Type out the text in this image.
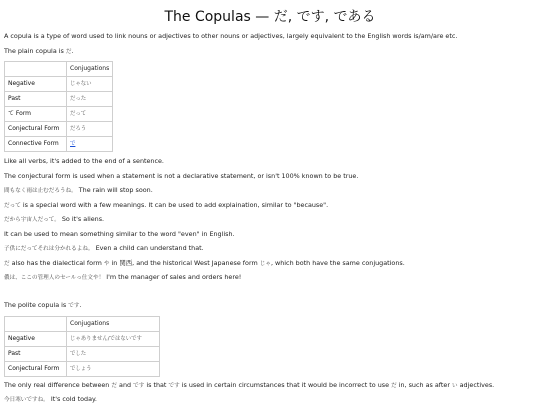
The Copulas — だ, です, である
A copula is a type of word used to link nouns or adjectives to other nouns or adjectives, largely equivalent to the English words is/am/are etc.
The plain copula is だ.
	Conjugations
Negative	じゃない
Past	だった
て Form	だって
Conjectural Form	だろう
Connective Form	で
Like all verbs, it's added to the end of a sentence.
The conjectural form is used when a statement is not a declarative statement, or isn't 100% known to be true.
間もなく雨は止むだろうね。 The rain will stop soon.
だって is a special word with a few meanings. It can be used to add explaination, similar to "because".
だから宇宙人だって。 So it's aliens.
It can be used to mean something similar to the word "even" in English.
子供にだってそれは分かれるよね。 Even a child can understand that.
だ also has the dialectical form や in 関西, and the historical West Japanese form じゃ, which both have the same conjugations.
儂は、ここの管理人のセールっ仕文や！ I'm the manager of sales and orders here!
The polite copula is です.
	Conjugations
Negative	じゃありません/ではないです
Past	でした
Conjectural Form	でしょう
The only real difference between だ and です is that です is used in certain circumstances that it would be incorrect to use だ in, such as after い adjectives.
今日寒いですね。 It's cold today.
